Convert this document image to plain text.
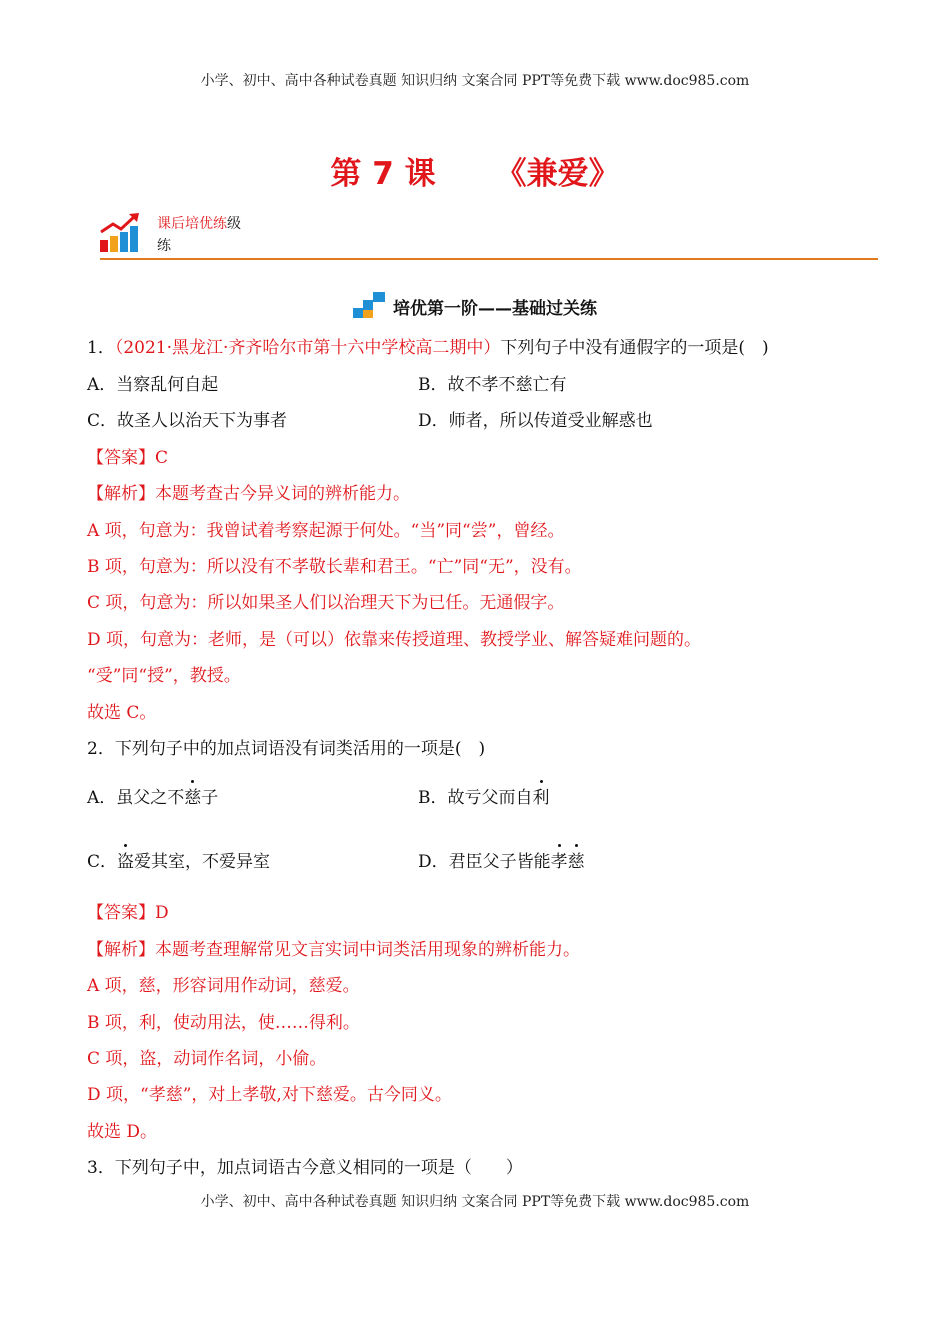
小学、初中、高中各种试卷真题 知识归纳 文案合同 PPT等免费下载 www.doc985.com
第 7 课 《兼爱》
课后培优练级
练
培优第一阶——基础过关练
1．（2021·黑龙江·齐齐哈尔市第十六中学校高二期中）下列句子中没有通假字的一项是(　)
A．当察乱何自起	B．故不孝不慈亡有
C．故圣人以治天下为事者	D．师者，所以传道受业解惑也
【答案】C
【解析】本题考查古今异义词的辨析能力。
A 项，句意为：我曾试着考察起源于何处。“当”同“尝”，曾经。
B 项，句意为：所以没有不孝敬长辈和君王。“亡”同“无”，没有。
C 项，句意为：所以如果圣人们以治理天下为已任。无通假字。
D 项，句意为：老师，是（可以）依靠来传授道理、教授学业、解答疑难问题的。
“受”同“授”，教授。
故选 C。
2．下列句子中的加点词语没有词类活用的一项是(　)
A．虽父之不慈子	B．故亏父而自利
C．盗爱其室，不爱异室	D．君臣父子皆能孝慈
【答案】D
【解析】本题考查理解常见文言实词中词类活用现象的辨析能力。
A 项，慈，形容词用作动词，慈爱。
B 项，利，使动用法，使……得利。
C 项，盗，动词作名词，小偷。
D 项，“孝慈”，对上孝敬,对下慈爱。古今同义。
故选 D。
3．下列句子中，加点词语古今意义相同的一项是（　　）
小学、初中、高中各种试卷真题 知识归纳 文案合同 PPT等免费下载 www.doc985.com
